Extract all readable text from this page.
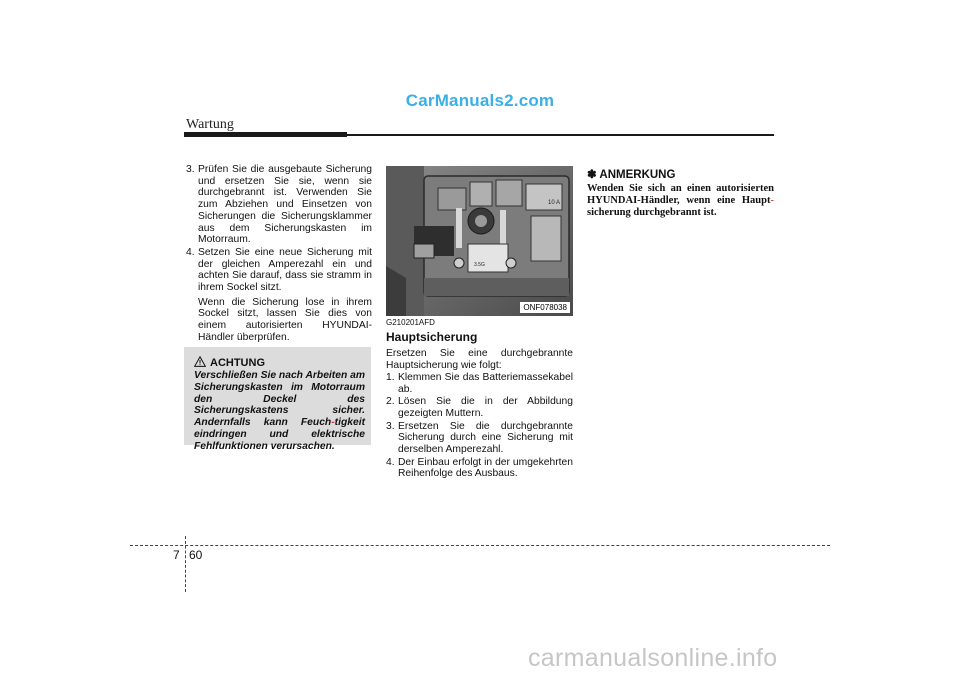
CarManuals2.com
Wartung
3. Prüfen Sie die ausgebaute Sicherung und ersetzen Sie sie, wenn sie durchgebrannt ist. Verwenden Sie zum Abziehen und Einsetzen von Sicherungen die Sicherungsklammer aus dem Sicherungskasten im Motorraum.
4. Setzen Sie eine neue Sicherung mit der gleichen Amperezahl ein und achten Sie darauf, dass sie stramm in ihrem Sockel sitzt.
Wenn die Sicherung lose in ihrem Sockel sitzt, lassen Sie dies von einem autorisierten HYUNDAI-Händler überprüfen.
ACHTUNG
Verschließen Sie nach Arbeiten am Sicherungskasten im Motorraum den Deckel des Sicherungskastens sicher. Andernfalls kann Feuch-tigkeit eindringen und elektrische Fehlfunktionen verursachen.
10 A
3.5G
ONF078038
G210201AFD
Hauptsicherung
Ersetzen Sie eine durchgebrannte Hauptsicherung wie folgt:
1. Klemmen Sie das Batteriemassekabel ab.
2. Lösen Sie die in der Abbildung gezeigten Muttern.
3. Ersetzen Sie die durchgebrannte Sicherung durch eine Sicherung mit derselben Amperezahl.
4. Der Einbau erfolgt in der umgekehrten Reihenfolge des Ausbaus.
✽ ANMERKUNG
Wenden Sie sich an einen autorisierten HYUNDAI-Händler, wenn eine Haupt-sicherung durchgebrannt ist.
7 60
carmanualsonline.info
